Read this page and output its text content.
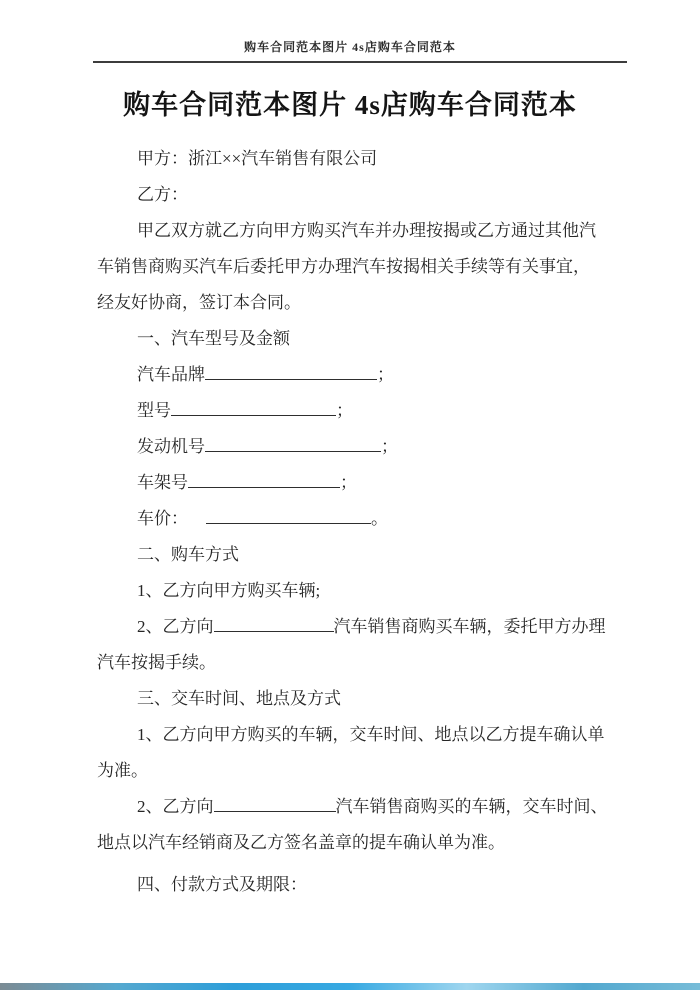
购车合同范本图片 4s店购车合同范本
购车合同范本图片 4s店购车合同范本
甲方：浙江××汽车销售有限公司
乙方：
甲乙双方就乙方向甲方购买汽车并办理按揭或乙方通过其他汽
车销售商购买汽车后委托甲方办理汽车按揭相关手续等有关事宜，
经友好协商，签订本合同。
一、汽车型号及金额
汽车品牌	；
型号	；
发动机号	；
车架号	；
车价：	。
二、购车方式
1、乙方向甲方购买车辆;
2、乙方向	汽车销售商购买车辆，委托甲方办理
汽车按揭手续。
三、交车时间、地点及方式
1、乙方向甲方购买的车辆，交车时间、地点以乙方提车确认单
为准。
2、乙方向	汽车销售商购买的车辆，交车时间、
地点以汽车经销商及乙方签名盖章的提车确认单为准。
四、付款方式及期限：
